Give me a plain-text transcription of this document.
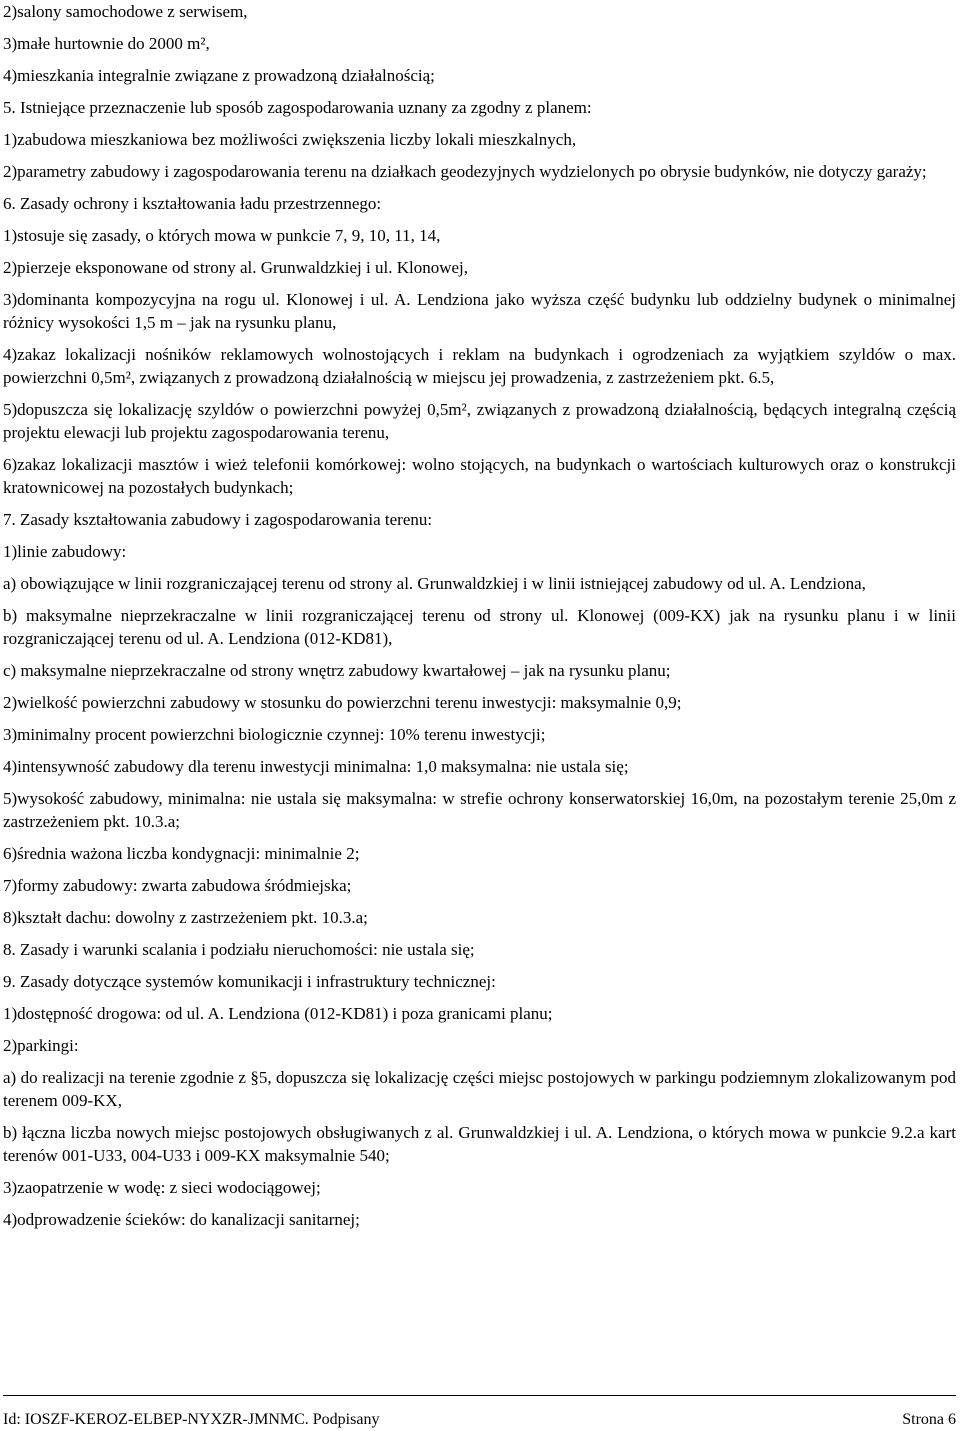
2)salony samochodowe z serwisem,

3)małe hurtownie do 2000 m²,

4)mieszkania integralnie związane z prowadzoną działalnością;

5. Istniejące przeznaczenie lub sposób zagospodarowania uznany za zgodny z planem:

1)zabudowa mieszkaniowa bez możliwości zwiększenia liczby lokali mieszkalnych,

2)parametry zabudowy i zagospodarowania terenu na działkach geodezyjnych wydzielonych po obrysie budynków, nie dotyczy garaży;

6. Zasady ochrony i kształtowania ładu przestrzennego:

1)stosuje się zasady, o których mowa w punkcie 7, 9, 10, 11, 14,

2)pierzeje eksponowane od strony al. Grunwaldzkiej i ul. Klonowej,

3)dominanta kompozycyjna na rogu ul. Klonowej i ul. A. Lendziona jako wyższa część budynku lub oddzielny budynek o minimalnej różnicy wysokości 1,5 m – jak na rysunku planu,

4)zakaz lokalizacji nośników reklamowych wolnostojących i reklam na budynkach i ogrodzeniach za wyjątkiem szyldów o max. powierzchni 0,5m², związanych z prowadzoną działalnością w miejscu jej prowadzenia, z zastrzeżeniem pkt. 6.5,

5)dopuszcza się lokalizację szyldów o powierzchni powyżej 0,5m², związanych z prowadzoną działalnością, będących integralną częścią projektu elewacji lub projektu zagospodarowania terenu,

6)zakaz lokalizacji masztów i wież telefonii komórkowej: wolno stojących, na budynkach o wartościach kulturowych oraz o konstrukcji kratownicowej na pozostałych budynkach;

7. Zasady kształtowania zabudowy i zagospodarowania terenu:

1)linie zabudowy:

a) obowiązujące w linii rozgraniczającej terenu od strony al. Grunwaldzkiej i w linii istniejącej zabudowy od ul. A. Lendziona,

b) maksymalne nieprzekraczalne w linii rozgraniczającej terenu od strony ul. Klonowej (009-KX) jak na rysunku planu i w linii rozgraniczającej terenu od ul. A. Lendziona (012-KD81),

c) maksymalne nieprzekraczalne od strony wnętrz zabudowy kwartałowej – jak na rysunku planu;

2)wielkość powierzchni zabudowy w stosunku do powierzchni terenu inwestycji: maksymalnie 0,9;

3)minimalny procent powierzchni biologicznie czynnej: 10% terenu inwestycji;

4)intensywność zabudowy dla terenu inwestycji minimalna: 1,0 maksymalna: nie ustala się;

5)wysokość zabudowy, minimalna: nie ustala się maksymalna: w strefie ochrony konserwatorskiej 16,0m, na pozostałym terenie 25,0m z zastrzeżeniem pkt. 10.3.a;

6)średnia ważona liczba kondygnacji: minimalnie 2;

7)formy zabudowy: zwarta zabudowa śródmiejska;

8)kształt dachu: dowolny z zastrzeżeniem pkt. 10.3.a;

8. Zasady i warunki scalania i podziału nieruchomości: nie ustala się;

9. Zasady dotyczące systemów komunikacji i infrastruktury technicznej:

1)dostępność drogowa: od ul. A. Lendziona (012-KD81) i poza granicami planu;

2)parkingi:

a) do realizacji na terenie zgodnie z §5, dopuszcza się lokalizację części miejsc postojowych w parkingu podziemnym zlokalizowanym pod terenem 009-KX,

b) łączna liczba nowych miejsc postojowych obsługiwanych z al. Grunwaldzkiej i ul. A. Lendziona, o których mowa w punkcie 9.2.a kart terenów 001-U33, 004-U33 i 009-KX maksymalnie 540;

3)zaopatrzenie w wodę: z sieci wodociągowej;

4)odprowadzenie ścieków: do kanalizacji sanitarnej;

Id: IOSZF-KEROZ-ELBEP-NYXZR-JMNMC. Podpisany	Strona 6
